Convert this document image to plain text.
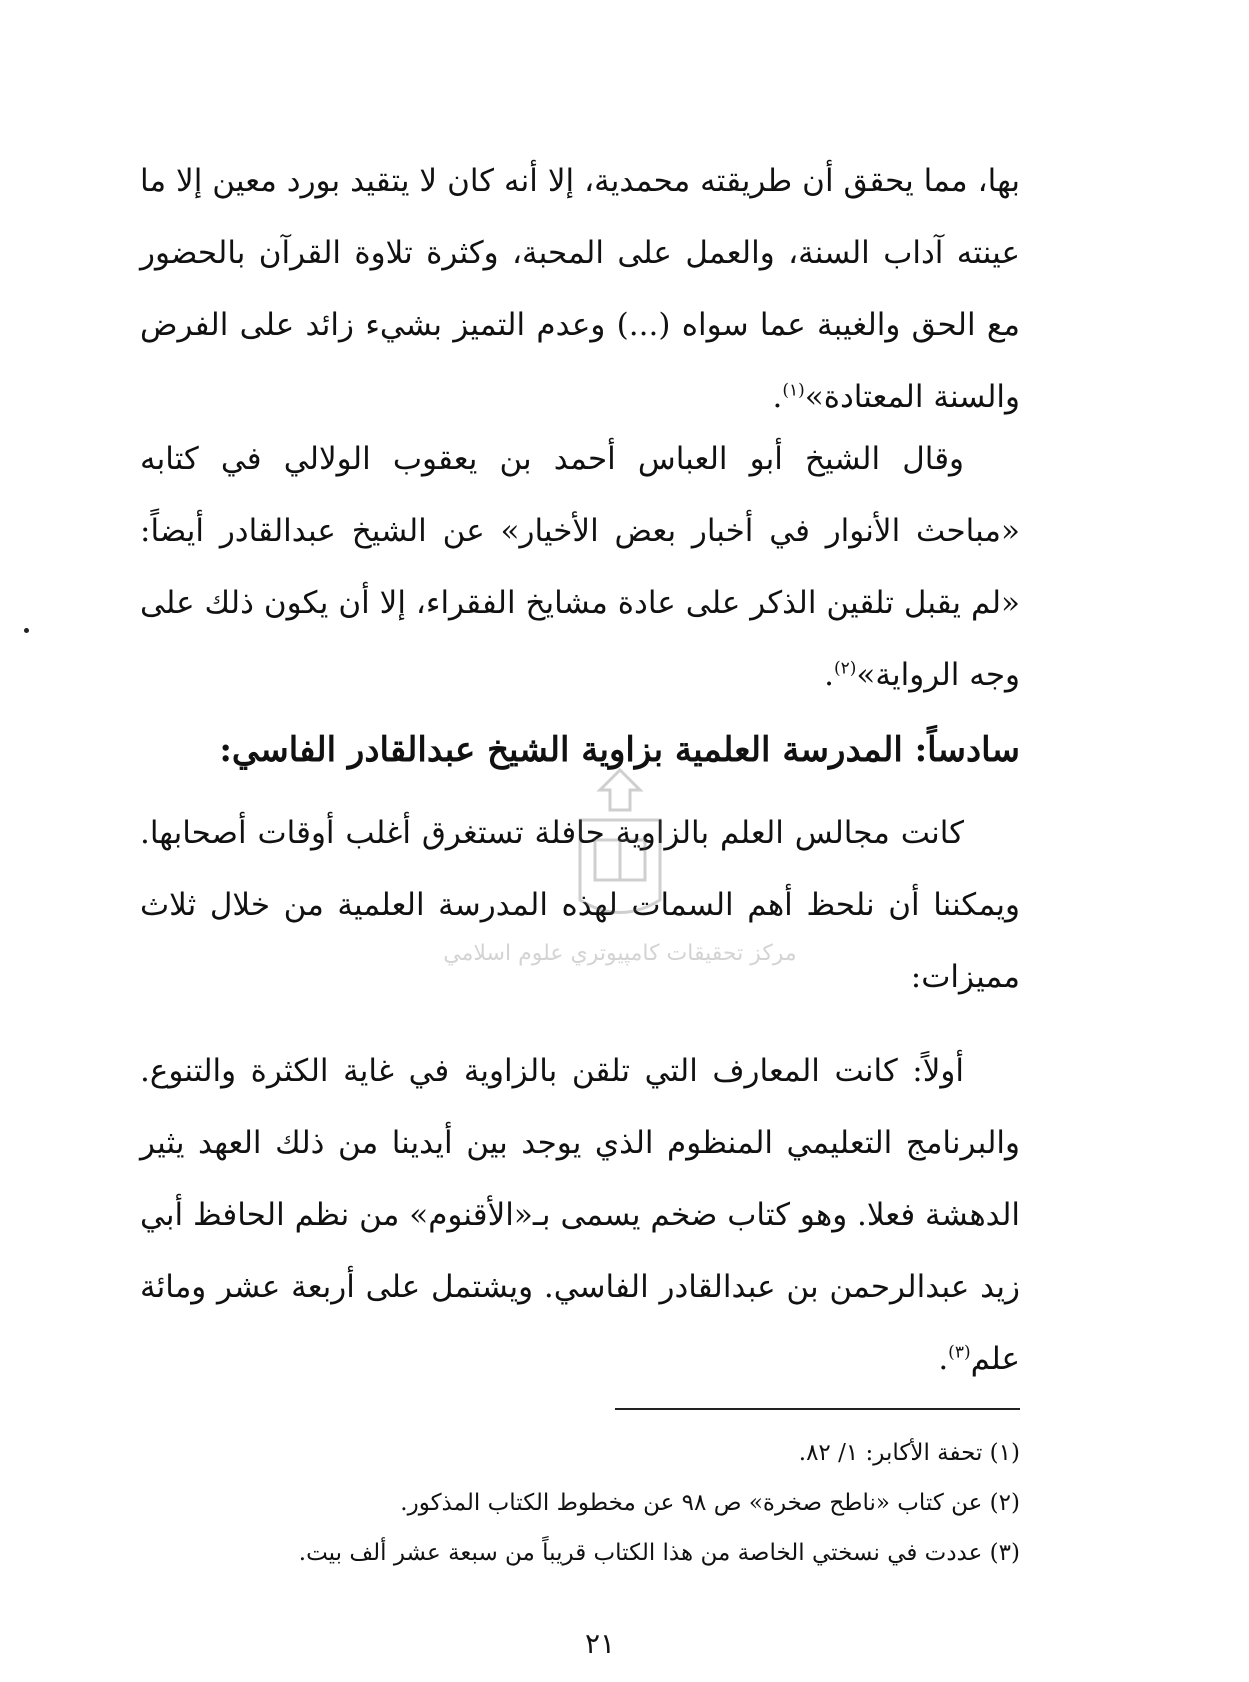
بها، مما يحقق أن طريقته محمدية، إلا أنه كان لا يتقيد بورد معين إلا ما عينته آداب السنة، والعمل على المحبة، وكثرة تلاوة القرآن بالحضور مع الحق والغيبة عما سواه (...) وعدم التميز بشيء زائد على الفرض والسنة المعتادة»$^{(١)}$.
وقال الشيخ أبو العباس أحمد بن يعقوب الولالي في كتابه «مباحث الأنوار في أخبار بعض الأخيار» عن الشيخ عبدالقادر أيضاً: «لم يقبل تلقين الذكر على عادة مشايخ الفقراء، إلا أن يكون ذلك على وجه الرواية»$^{(٢)}$.
سادساً: المدرسة العلمية بزاوية الشيخ عبدالقادر الفاسي:
كانت مجالس العلم بالزاوية حافلة تستغرق أغلب أوقات أصحابها. ويمكننا أن نلحظ أهم السمات لهذه المدرسة العلمية من خلال ثلاث مميزات:
أولاً: كانت المعارف التي تلقن بالزاوية في غاية الكثرة والتنوع. والبرنامج التعليمي المنظوم الذي يوجد بين أيدينا من ذلك العهد يثير الدهشة فعلا. وهو كتاب ضخم يسمى بـ«الأقنوم» من نظم الحافظ أبي زيد عبدالرحمن بن عبدالقادر الفاسي. ويشتمل على أربعة عشر ومائة علم$^{(٣)}$.
(١) تحفة الأكابر: ١/ ٨٢.
(٢) عن كتاب «ناطح صخرة» ص ٩٨ عن مخطوط الكتاب المذكور.
(٣) عددت في نسختي الخاصة من هذا الكتاب قريباً من سبعة عشر ألف بيت.
٢١
مركز تحقيقات كامپيوتري علوم اسلامي
